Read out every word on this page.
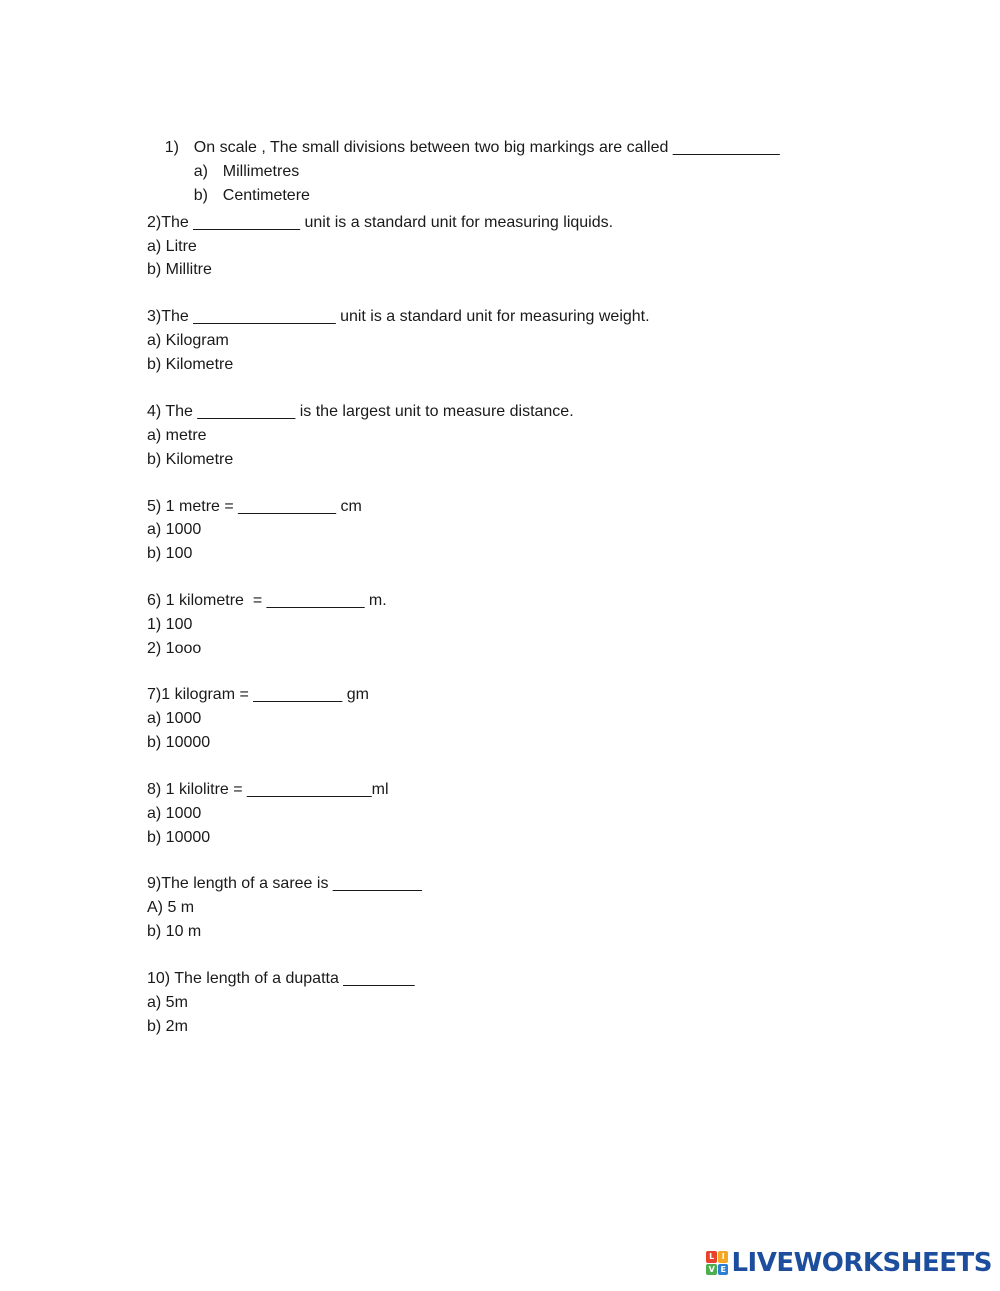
1) On scale , The small divisions between two big markings are called ____________

a) Millimetres

b) Centimetere

2)The ____________ unit is a standard unit for measuring liquids.
a) Litre
b) Millitre
3)The ________________ unit is a standard unit for measuring weight.
a) Kilogram
b) Kilometre
4) The ___________ is the largest unit to measure distance.
a) metre
b) Kilometre
5) 1 metre = ___________ cm
a) 1000
b) 100
6) 1 kilometre  = ___________ m.
1) 100
2) 1ooo
7)1 kilogram = __________ gm
a) 1000
b) 10000
8) 1 kilolitre = ______________ml
a) 1000
b) 10000
9)The length of a saree is __________
A) 5 m
b) 10 m
10) The length of a dupatta ________
a) 5m
b) 2m
L I
V E LIVEWORKSHEETS
